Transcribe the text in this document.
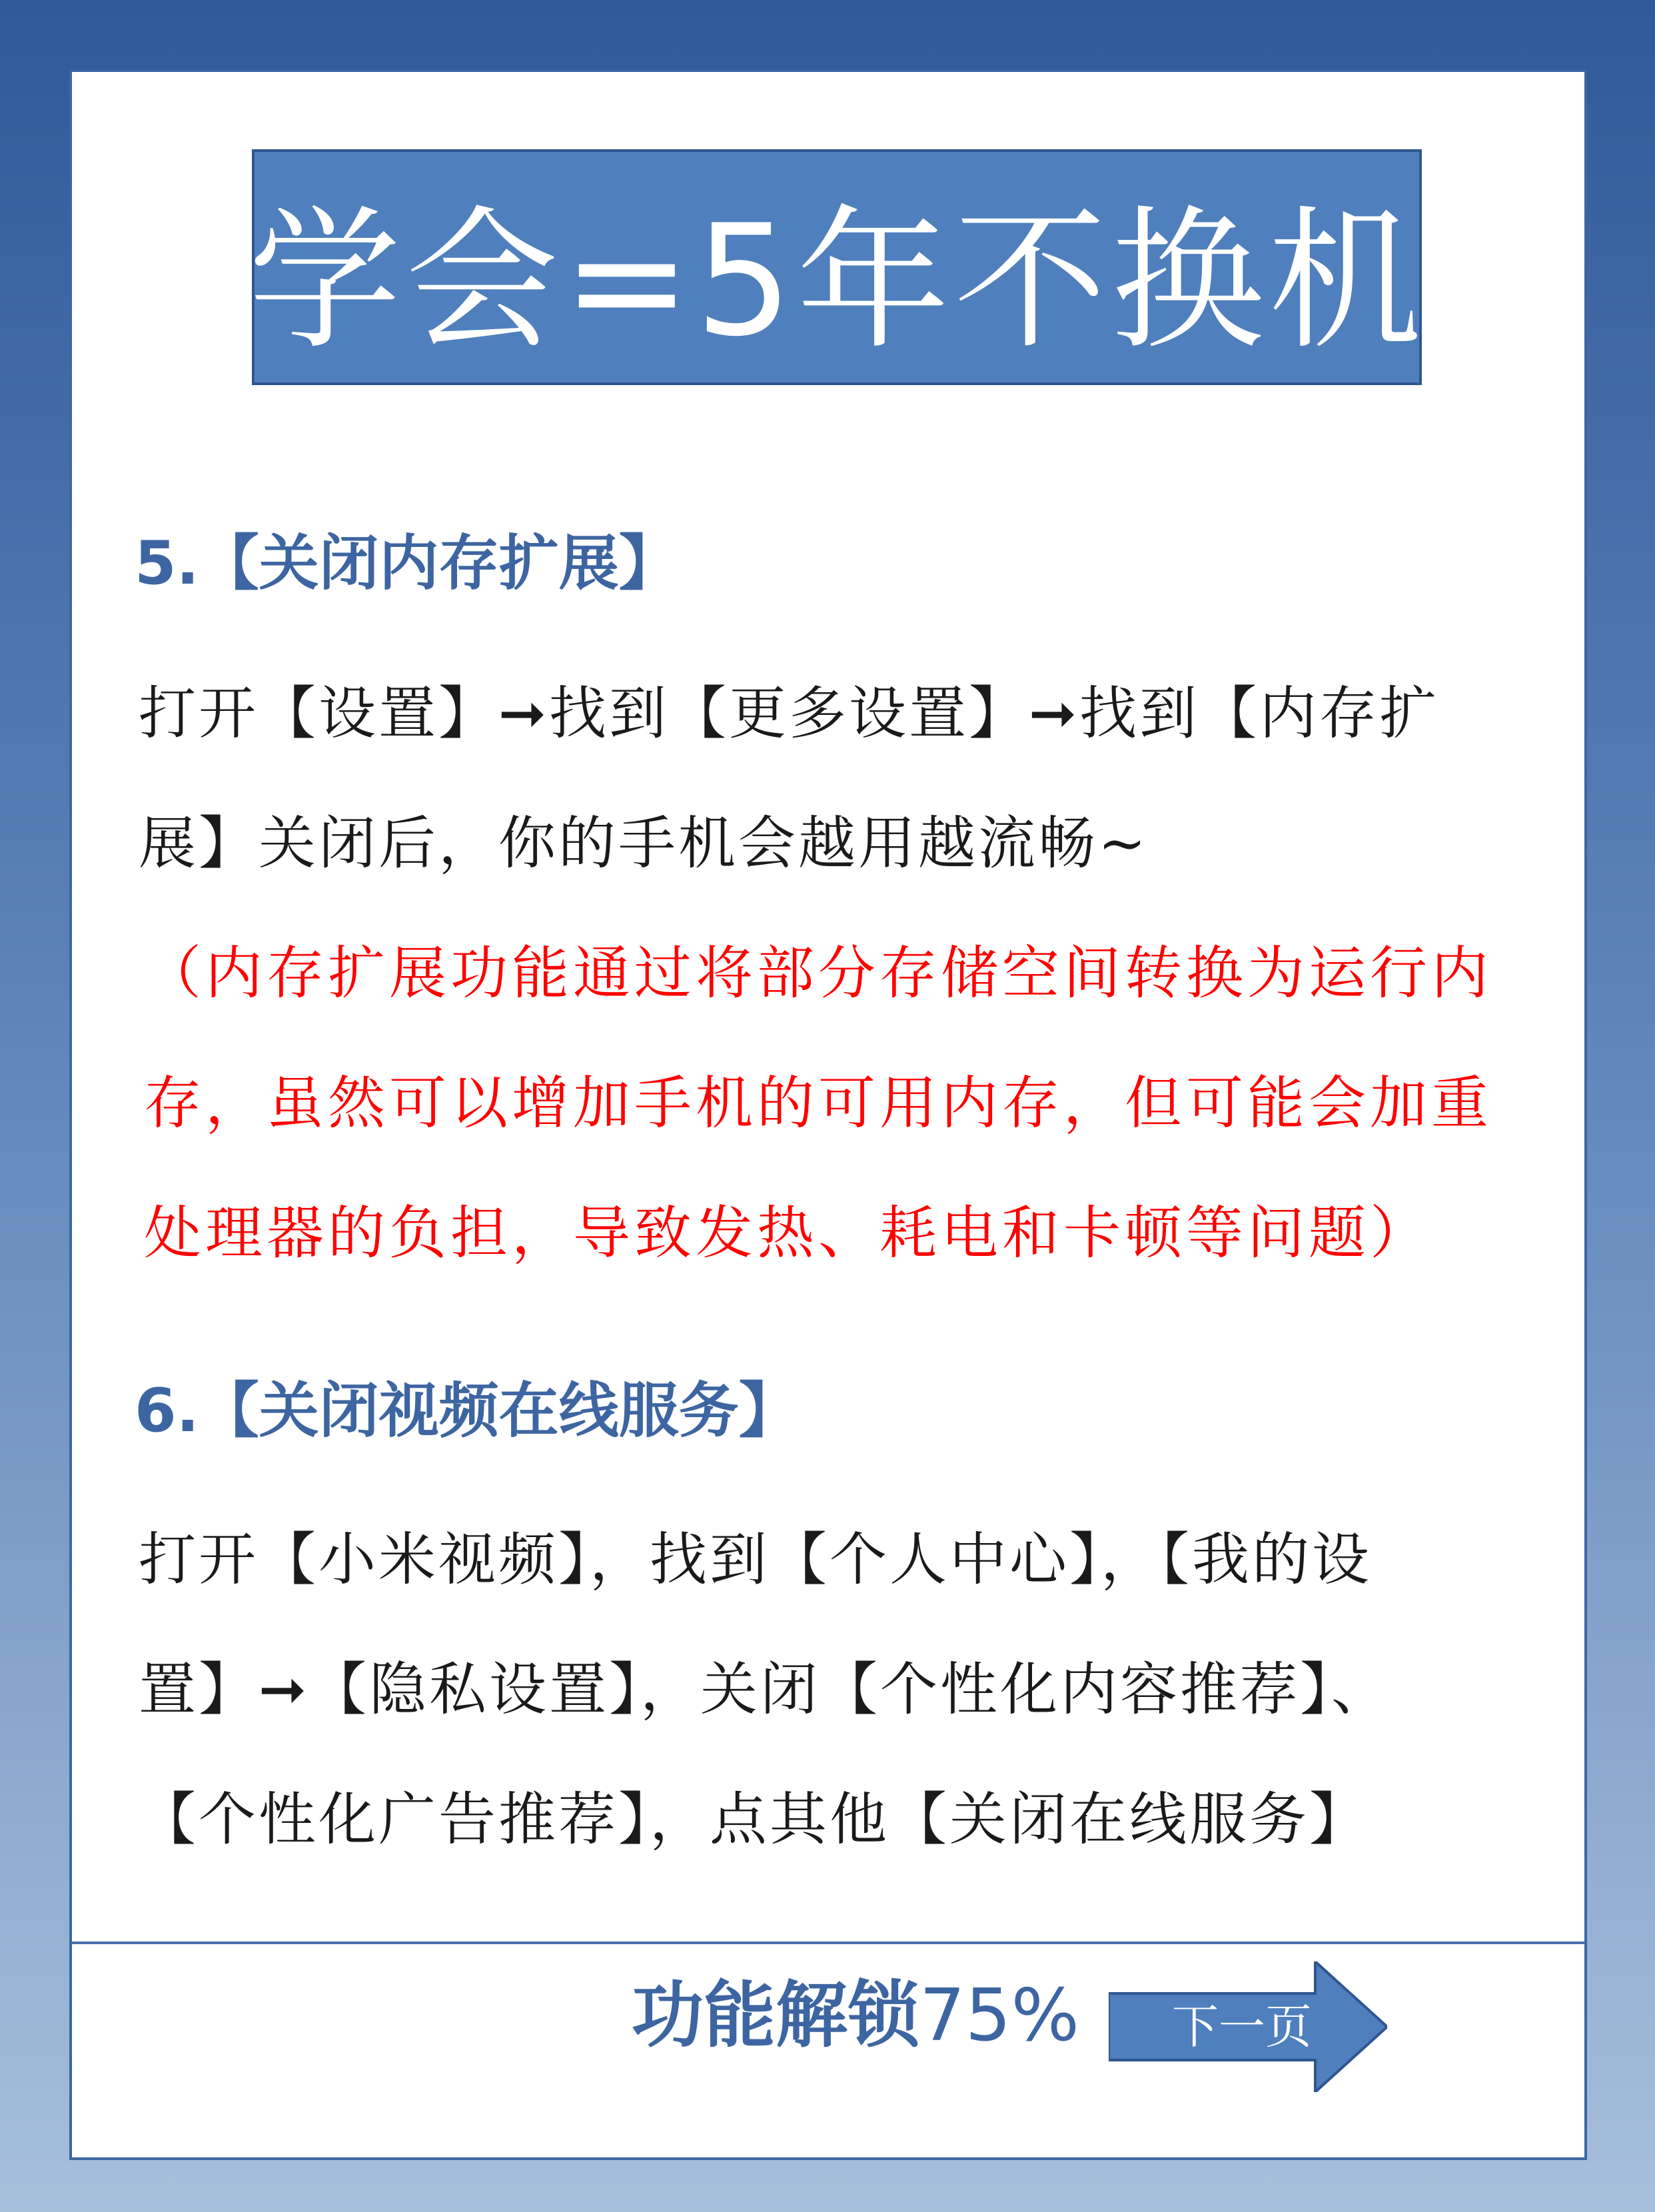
学会=5年不换机
5.【关闭内存扩展】
打开【设置】➞找到【更多设置】➞找到【内存扩
展】关闭后，你的手机会越用越流畅~
（内存扩展功能通过将部分存储空间转换为运行内
存，虽然可以增加手机的可用内存，但可能会加重
处理器的负担，导致发热、耗电和卡顿等问题）
6.【关闭视频在线服务】
打开【小米视频】，找到【个人中心】，【我的设
置】➞【隐私设置】，关闭【个性化内容推荐】、
【个性化广告推荐】，点其他【关闭在线服务】
功能解锁75%	下一页
